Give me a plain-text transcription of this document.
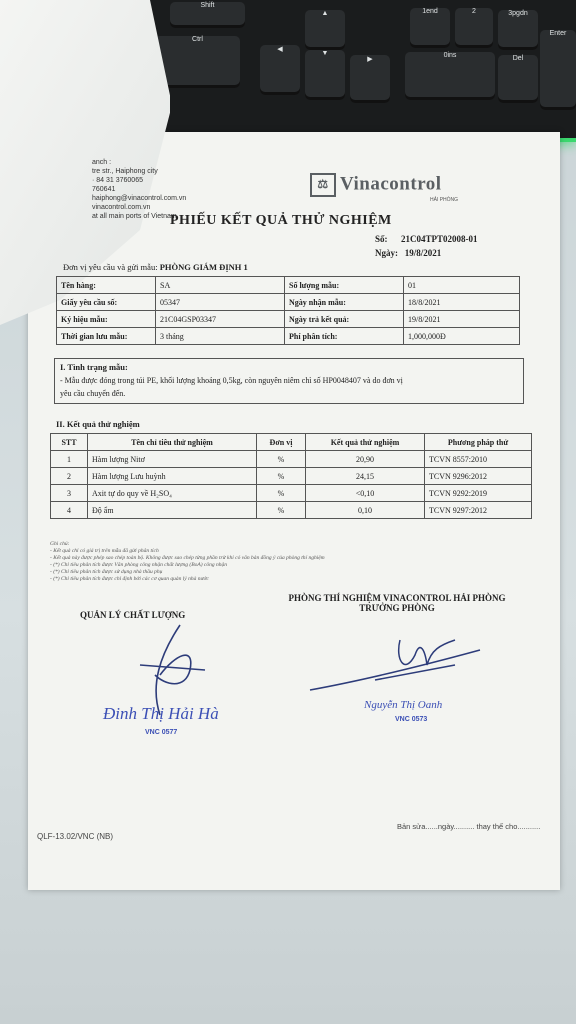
Shift
Ctrl
◀
▲
▼
▶
1end	2	3pgdn
Enter
0ins	Del
anch :
tre str., Haiphong city
· 84 31 3760065
760641
haiphong@vinacontrol.com.vn
vinacontrol.com.vn
at all main ports of Vietnam
⚖ Vinacontrol
HẢI PHÒNG
PHIẾU KẾT QUẢ THỬ NGHIỆM
Số: 21C04TPT02008-01
Ngày: 19/8/2021
Đơn vị yêu cầu và gửi mẫu: PHÒNG GIÁM ĐỊNH 1
Tên hàng:	SA	Số lượng mẫu:	01
Giấy yêu cầu số:	05347	Ngày nhận mẫu:	18/8/2021
Ký hiệu mẫu:	21C04GSP03347	Ngày trả kết quả:	19/8/2021
Thời gian lưu mẫu:	3 tháng	Phí phân tích:	1,000,000Đ
I. Tình trạng mẫu:
- Mẫu được đóng trong túi PE, khối lượng khoảng 0,5kg, còn nguyên niêm chì số HP0048407 và do đơn vị
yêu cầu chuyển đến.
II. Kết quả thử nghiệm
STT	Tên chỉ tiêu thử nghiệm	Đơn vị	Kết quả thử nghiệm	Phương pháp thử
1	Hàm lượng Nitơ	%	20,90	TCVN 8557:2010
2	Hàm lượng Lưu huỳnh	%	24,15	TCVN 9296:2012
3	Axit tự do quy về H₂SO₄	%	<0,10	TCVN 9292:2019
4	Độ ẩm	%	0,10	TCVN 9297:2012
Ghi chú:
- Kết quả chỉ có giá trị trên mẫu đã gửi phân tích
- Kết quả này được phép sao chép toàn bộ. Không được sao chép từng phần trừ khi có văn bản đồng ý của phòng thí nghiệm
- (*) Chỉ tiêu phân tích được Văn phòng công nhận chất lượng (BoA) công nhận
- (*) Chỉ tiêu phân tích được sử dụng nhà thầu phụ
- (*) Chỉ tiêu phân tích được chỉ định bởi các cơ quan quản lý nhà nước
QUẢN LÝ CHẤT LƯỢNG
PHÒNG THÍ NGHIỆM VINACONTROL HẢI PHÒNG
TRƯỞNG PHÒNG
Đinh Thị Hải Hà
VNC 0577
Nguyễn Thị Oanh
VNC 0573
QLF-13.02/VNC (NB)
Bản sửa......ngày.......... thay thế cho...........
